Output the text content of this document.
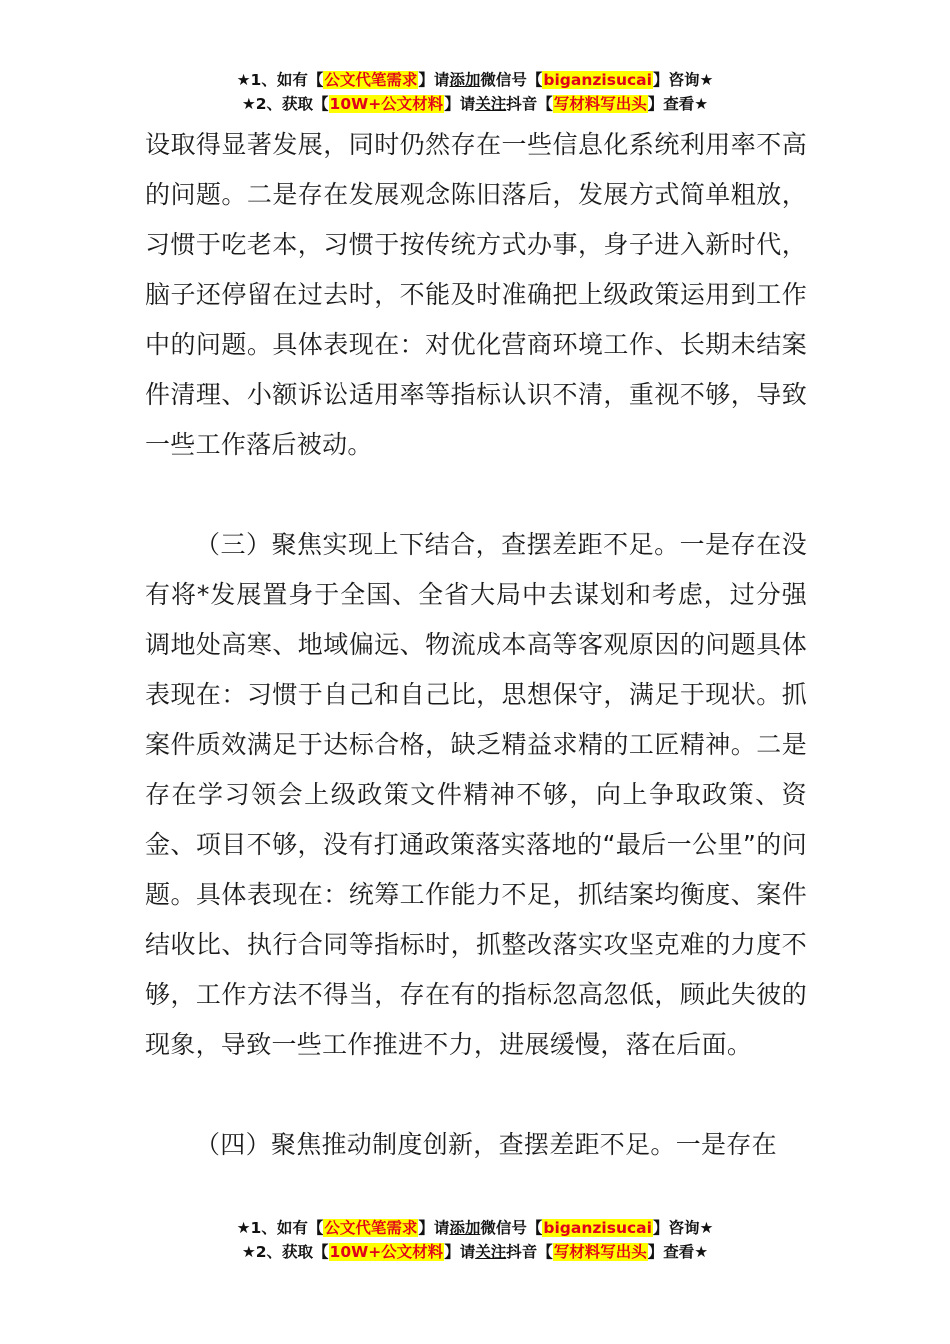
★1、如有【公文代笔需求】请添加微信号【biganzisucai】咨询★
★2、获取【10W+公文材料】请关注抖音【写材料写出头】查看★

设取得显著发展，同时仍然存在一些信息化系统利用率不高的问题。二是存在发展观念陈旧落后，发展方式简单粗放，习惯于吃老本，习惯于按传统方式办事，身子进入新时代，脑子还停留在过去时，不能及时准确把上级政策运用到工作中的问题。具体表现在：对优化营商环境工作、长期未结案件清理、小额诉讼适用率等指标认识不清，重视不够，导致一些工作落后被动。

（三）聚焦实现上下结合，查摆差距不足。一是存在没有将*发展置身于全国、全省大局中去谋划和考虑，过分强调地处高寒、地域偏远、物流成本高等客观原因的问题具体表现在：习惯于自己和自己比，思想保守，满足于现状。抓案件质效满足于达标合格，缺乏精益求精的工匠精神。二是存在学习领会上级政策文件精神不够，向上争取政策、资金、项目不够，没有打通政策落实落地的“最后一公里”的问题。具体表现在：统筹工作能力不足，抓结案均衡度、案件结收比、执行合同等指标时，抓整改落实攻坚克难的力度不够，工作方法不得当，存在有的指标忽高忽低，顾此失彼的现象，导致一些工作推进不力，进展缓慢，落在后面。

（四）聚焦推动制度创新，查摆差距不足。一是存在

★1、如有【公文代笔需求】请添加微信号【biganzisucai】咨询★
★2、获取【10W+公文材料】请关注抖音【写材料写出头】查看★
